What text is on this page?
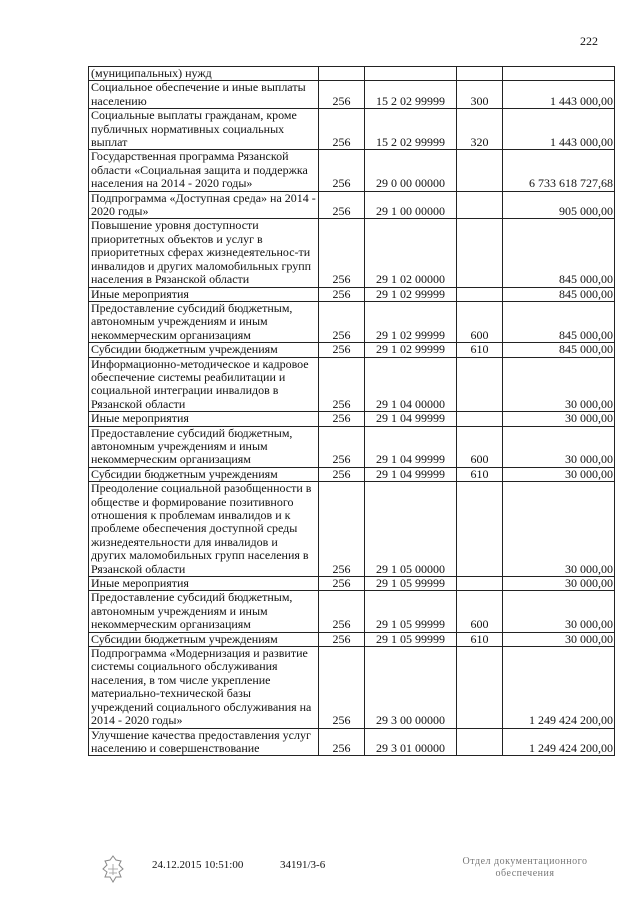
222
(муниципальных) нужд				
Социальное обеспечение и иные выплаты населению	256	15 2 02 99999	300	1 443 000,00
Социальные выплаты гражданам, кроме публичных нормативных социальных выплат	256	15 2 02 99999	320	1 443 000,00
Государственная программа Рязанской области «Социальная защита и поддержка населения на 2014 - 2020 годы»	256	29 0 00 00000		6 733 618 727,68
Подпрограмма «Доступная среда» на 2014 - 2020 годы»	256	29 1 00 00000		905 000,00
Повышение уровня доступности приоритетных объектов и услуг в приоритетных сферах жизнедеятельнос-ти инвалидов и других маломобильных групп населения в Рязанской области	256	29 1 02 00000		845 000,00
Иные мероприятия	256	29 1 02 99999		845 000,00
Предоставление субсидий бюджетным, автономным учреждениям и иным некоммерческим организациям	256	29 1 02 99999	600	845 000,00
Субсидии бюджетным учреждениям	256	29 1 02 99999	610	845 000,00
Информационно-методическое и кадровое обеспечение системы реабилитации и социальной интеграции инвалидов в Рязанской области	256	29 1 04 00000		30 000,00
Иные мероприятия	256	29 1 04 99999		30 000,00
Предоставление субсидий бюджетным, автономным учреждениям и иным некоммерческим организациям	256	29 1 04 99999	600	30 000,00
Субсидии бюджетным учреждениям	256	29 1 04 99999	610	30 000,00
Преодоление социальной разобщенности в обществе и формирование позитивного отношения к проблемам инвалидов и к проблеме обеспечения доступной среды жизнедеятельности для инвалидов и других маломобильных групп населения в Рязанской области	256	29 1 05 00000		30 000,00
Иные мероприятия	256	29 1 05 99999		30 000,00
Предоставление субсидий бюджетным, автономным учреждениям и иным некоммерческим организациям	256	29 1 05 99999	600	30 000,00
Субсидии бюджетным учреждениям	256	29 1 05 99999	610	30 000,00
Подпрограмма «Модернизация и развитие системы социального обслуживания населения, в том числе укрепление материально-технической базы учреждений социального обслуживания на 2014 - 2020 годы»	256	29 3 00 00000		1 249 424 200,00
Улучшение качества предоставления услуг населению и совершенствование	256	29 3 01 00000		1 249 424 200,00
24.12.2015 10:51:00	34191/3-6	Отдел документационного обеспечения
